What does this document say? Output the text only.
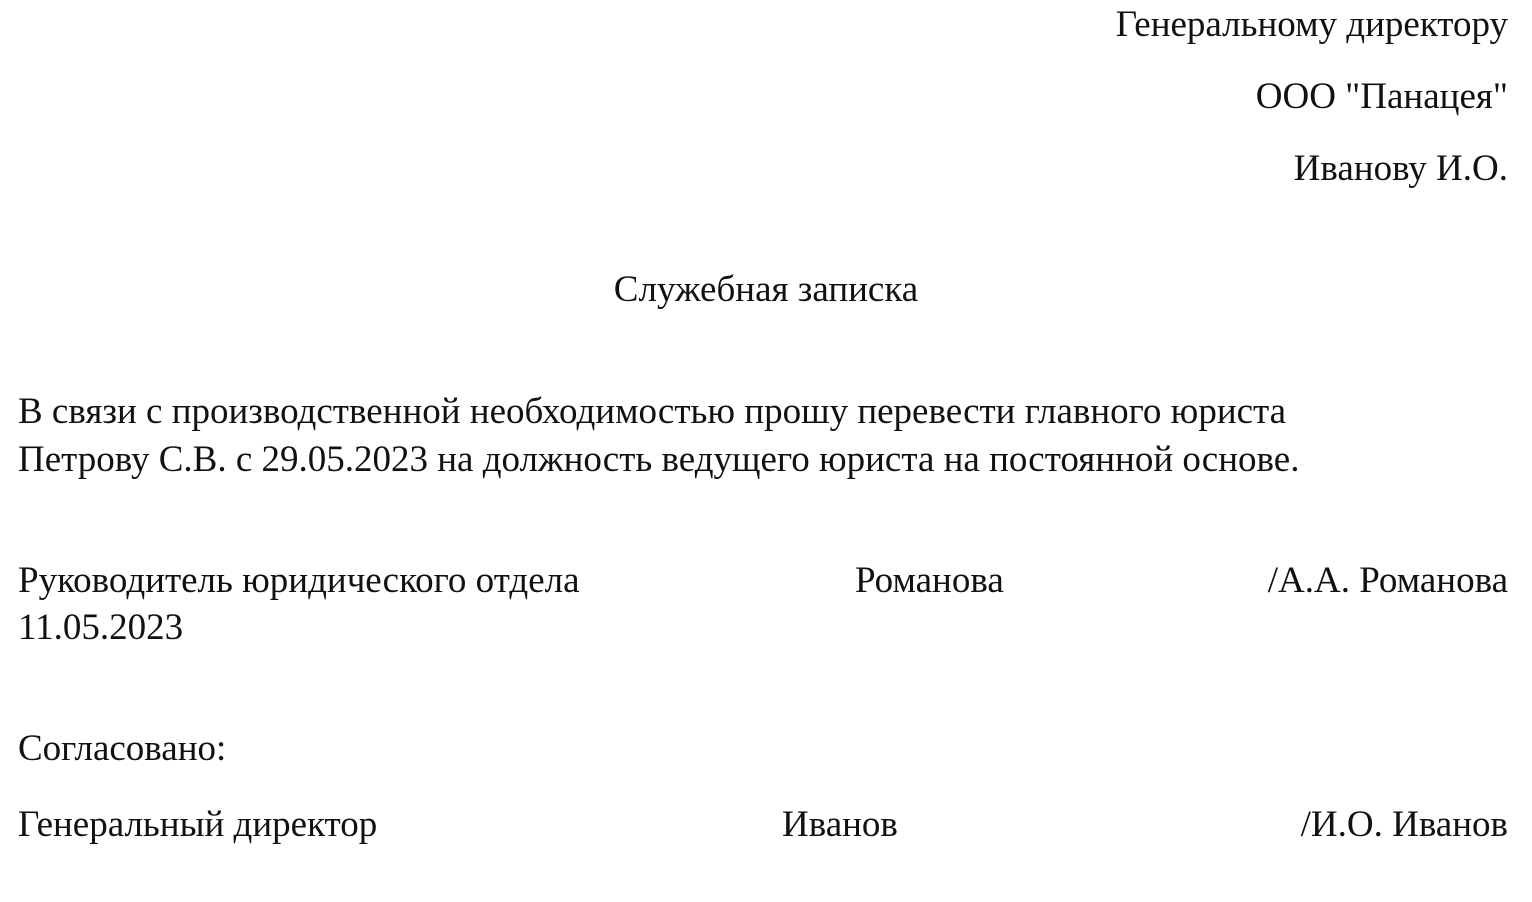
Генеральному директору
ООО "Панацея"
Иванову И.О.
Служебная записка
В связи с производственной необходимостью прошу перевести главного юриста
Петрову С.В. с 29.05.2023 на должность ведущего юриста на постоянной основе.
Руководитель юридического отдела	Романова	/А.А. Романова
11.05.2023
Согласовано:
Генеральный директор	Иванов	/И.О. Иванов
